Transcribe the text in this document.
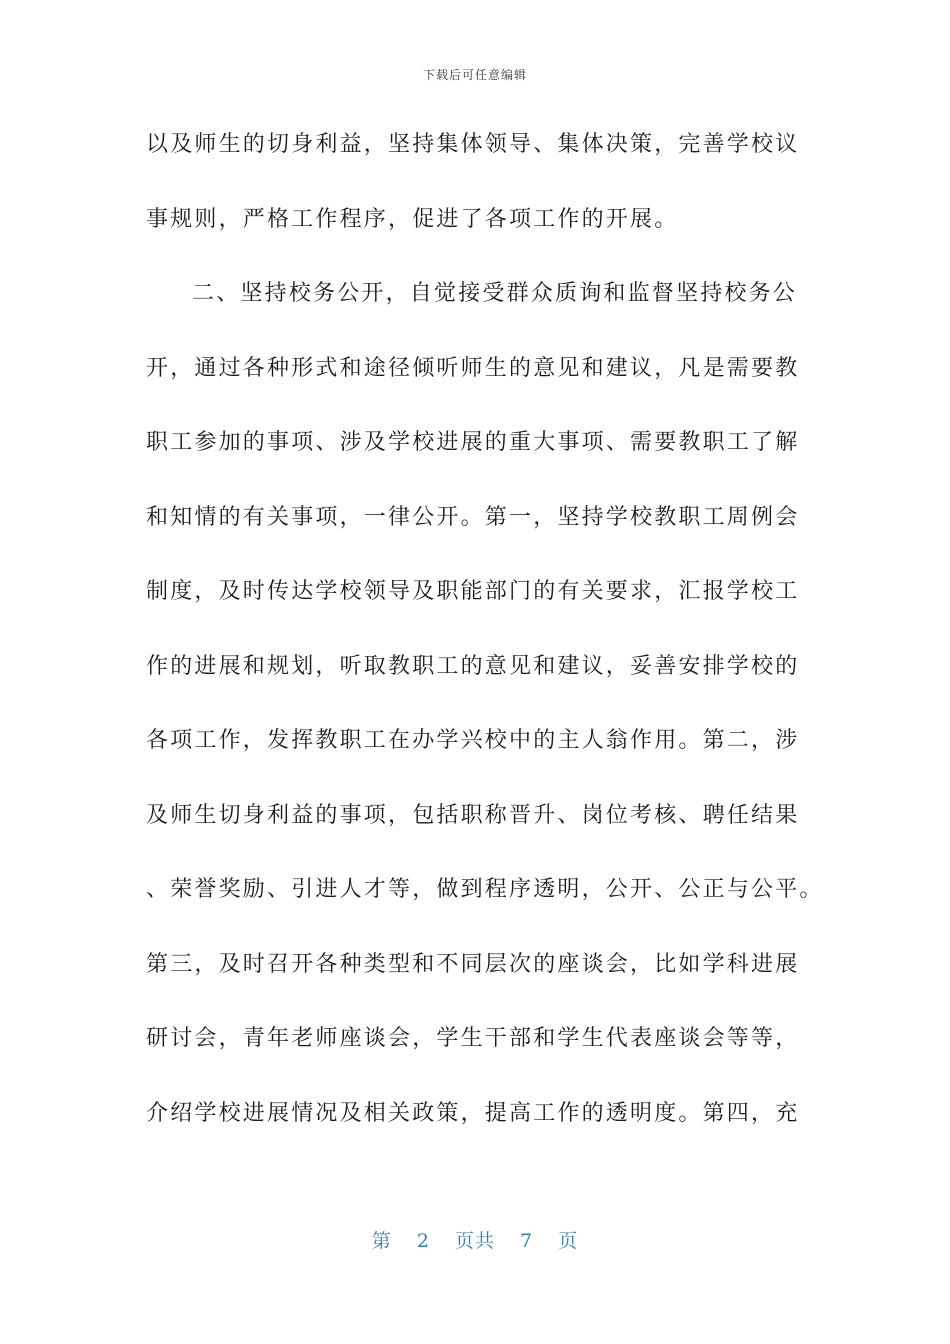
下载后可任意编辑
以及师生的切身利益，坚持集体领导、集体决策，完善学校议
事规则，严格工作程序，促进了各项工作的开展。
二、坚持校务公开，自觉接受群众质询和监督坚持校务公
开，通过各种形式和途径倾听师生的意见和建议，凡是需要教
职工参加的事项、涉及学校进展的重大事项、需要教职工了解
和知情的有关事项，一律公开。第一，坚持学校教职工周例会
制度，及时传达学校领导及职能部门的有关要求，汇报学校工
作的进展和规划，听取教职工的意见和建议，妥善安排学校的
各项工作，发挥教职工在办学兴校中的主人翁作用。第二，涉
及师生切身利益的事项，包括职称晋升、岗位考核、聘任结果
、荣誉奖励、引进人才等，做到程序透明，公开、公正与公平。
第三，及时召开各种类型和不同层次的座谈会，比如学科进展
研讨会，青年老师座谈会，学生干部和学生代表座谈会等等，
介绍学校进展情况及相关政策，提高工作的透明度。第四，充
第 2 页共 7 页
